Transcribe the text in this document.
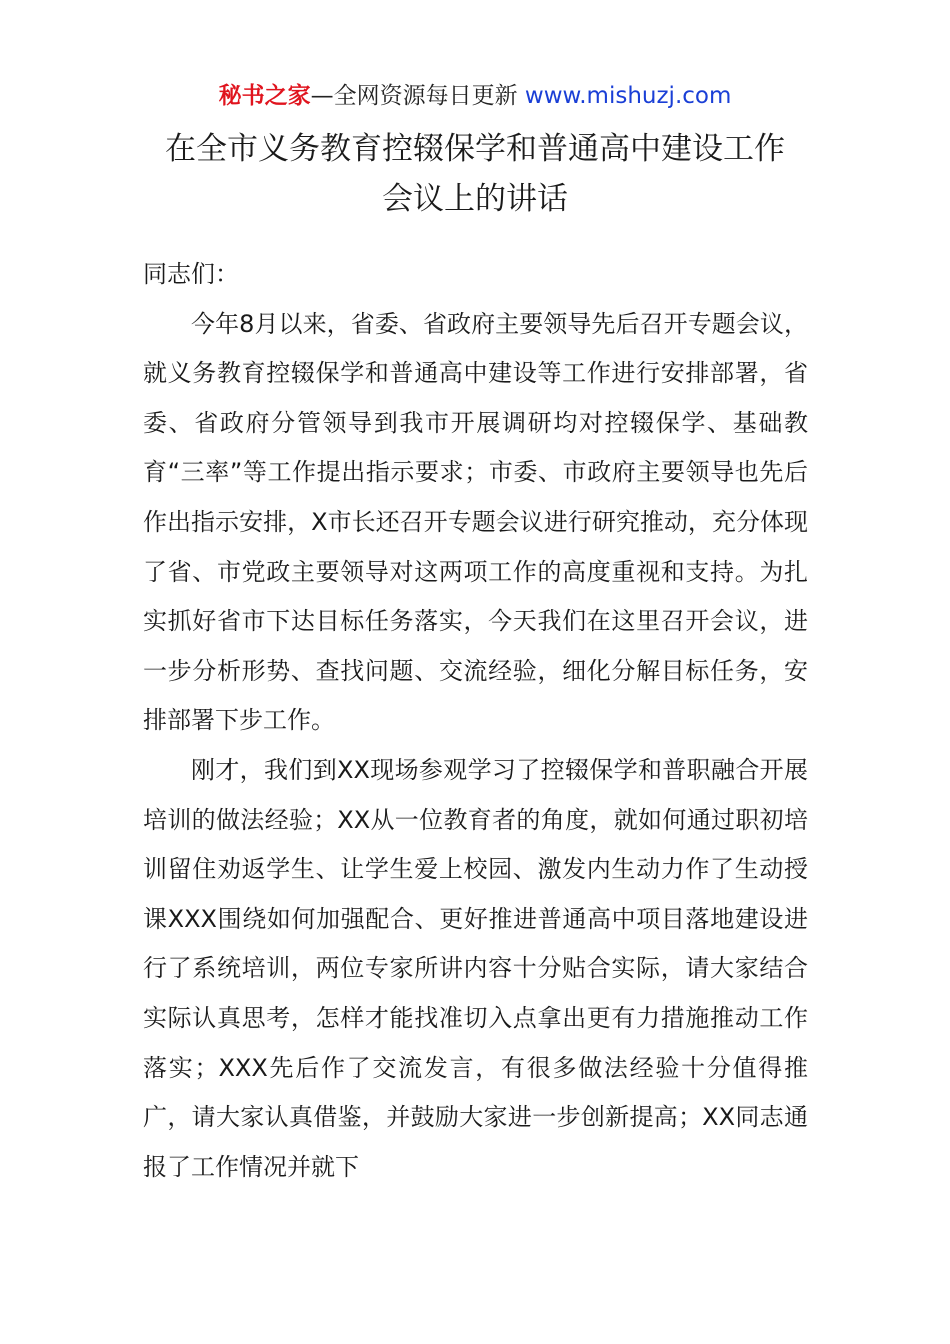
秘书之家—全网资源每日更新 www.mishuzj.com
在全市义务教育控辍保学和普通高中建设工作
会议上的讲话

同志们：

今年8月以来，省委、省政府主要领导先后召开专题会议，就义务教育控辍保学和普通高中建设等工作进行安排部署，省委、省政府分管领导到我市开展调研均对控辍保学、基础教育“三率”等工作提出指示要求；市委、市政府主要领导也先后作出指示安排，X市长还召开专题会议进行研究推动，充分体现了省、市党政主要领导对这两项工作的高度重视和支持。为扎实抓好省市下达目标任务落实，今天我们在这里召开会议，进一步分析形势、查找问题、交流经验，细化分解目标任务，安排部署下步工作。

刚才，我们到XX现场参观学习了控辍保学和普职融合开展培训的做法经验；XX从一位教育者的角度，就如何通过职初培训留住劝返学生、让学生爱上校园、激发内生动力作了生动授课XXX围绕如何加强配合、更好推进普通高中项目落地建设进行了系统培训，两位专家所讲内容十分贴合实际，请大家结合实际认真思考，怎样才能找准切入点拿出更有力措施推动工作落实；XXX先后作了交流发言，有很多做法经验十分值得推广，请大家认真借鉴，并鼓励大家进一步创新提高；XX同志通报了工作情况并就下
